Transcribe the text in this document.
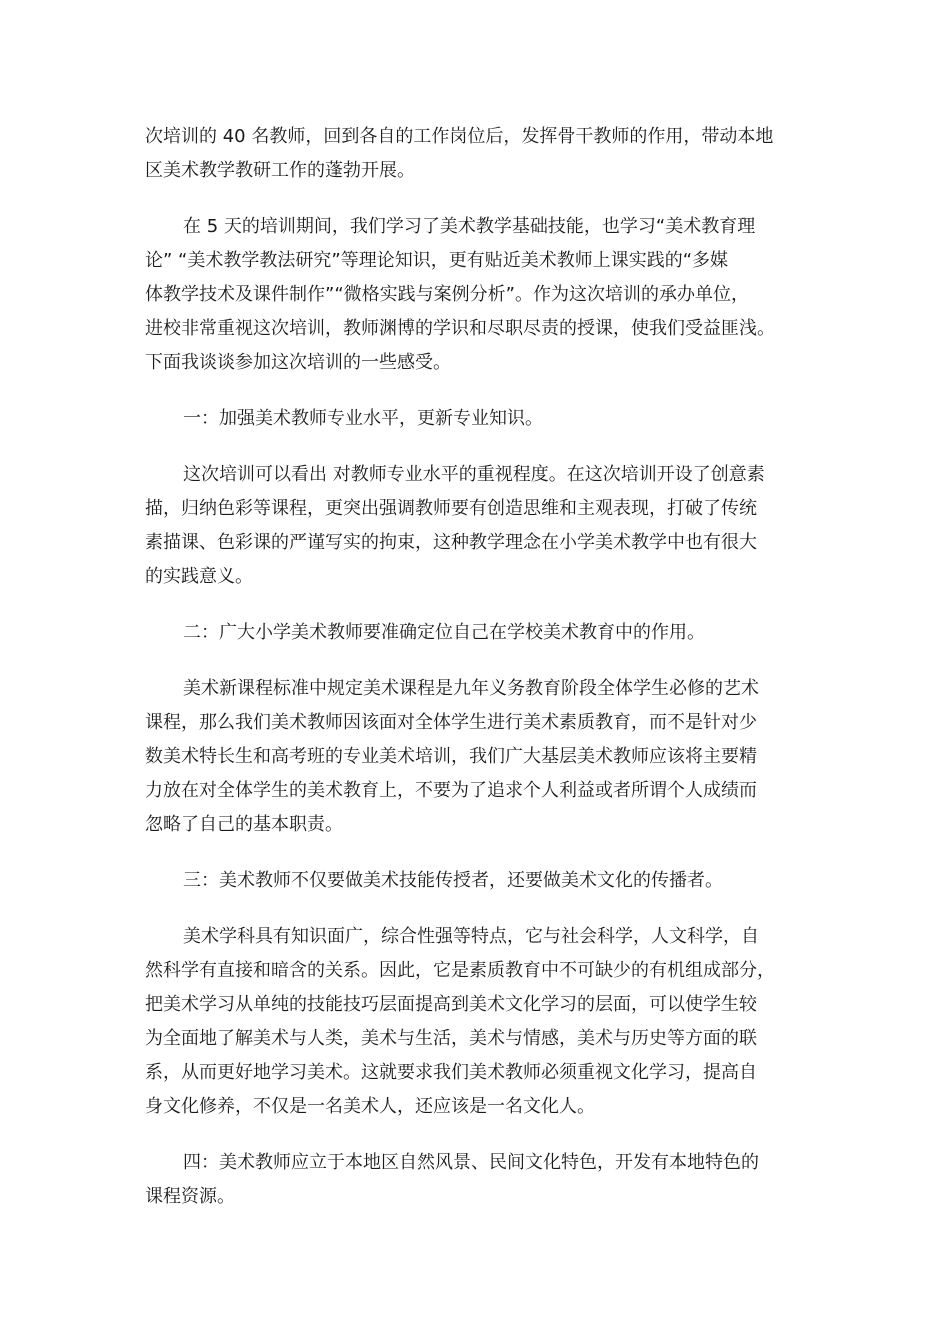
次培训的 40 名教师，回到各自的工作岗位后，发挥骨干教师的作用，带动本地
区美术教学教研工作的蓬勃开展。
在 5 天的培训期间，我们学习了美术教学基础技能，也学习“美术教育理
论” “美术教学教法研究”等理论知识，更有贴近美术教师上课实践的“多媒
体教学技术及课件制作”“微格实践与案例分析”。作为这次培训的承办单位，
进校非常重视这次培训，教师渊博的学识和尽职尽责的授课，使我们受益匪浅。
下面我谈谈参加这次培训的一些感受。
一：加强美术教师专业水平，更新专业知识。
这次培训可以看出 对教师专业水平的重视程度。在这次培训开设了创意素
描，归纳色彩等课程，更突出强调教师要有创造思维和主观表现，打破了传统
素描课、色彩课的严谨写实的拘束，这种教学理念在小学美术教学中也有很大
的实践意义。
二：广大小学美术教师要准确定位自己在学校美术教育中的作用。
美术新课程标准中规定美术课程是九年义务教育阶段全体学生必修的艺术
课程，那么我们美术教师因该面对全体学生进行美术素质教育，而不是针对少
数美术特长生和高考班的专业美术培训，我们广大基层美术教师应该将主要精
力放在对全体学生的美术教育上，不要为了追求个人利益或者所谓个人成绩而
忽略了自己的基本职责。
三：美术教师不仅要做美术技能传授者，还要做美术文化的传播者。
美术学科具有知识面广，综合性强等特点，它与社会科学，人文科学，自
然科学有直接和暗含的关系。因此，它是素质教育中不可缺少的有机组成部分，
把美术学习从单纯的技能技巧层面提高到美术文化学习的层面，可以使学生较
为全面地了解美术与人类，美术与生活，美术与情感，美术与历史等方面的联
系，从而更好地学习美术。这就要求我们美术教师必须重视文化学习，提高自
身文化修养，不仅是一名美术人，还应该是一名文化人。
四：美术教师应立于本地区自然风景、民间文化特色，开发有本地特色的
课程资源。
